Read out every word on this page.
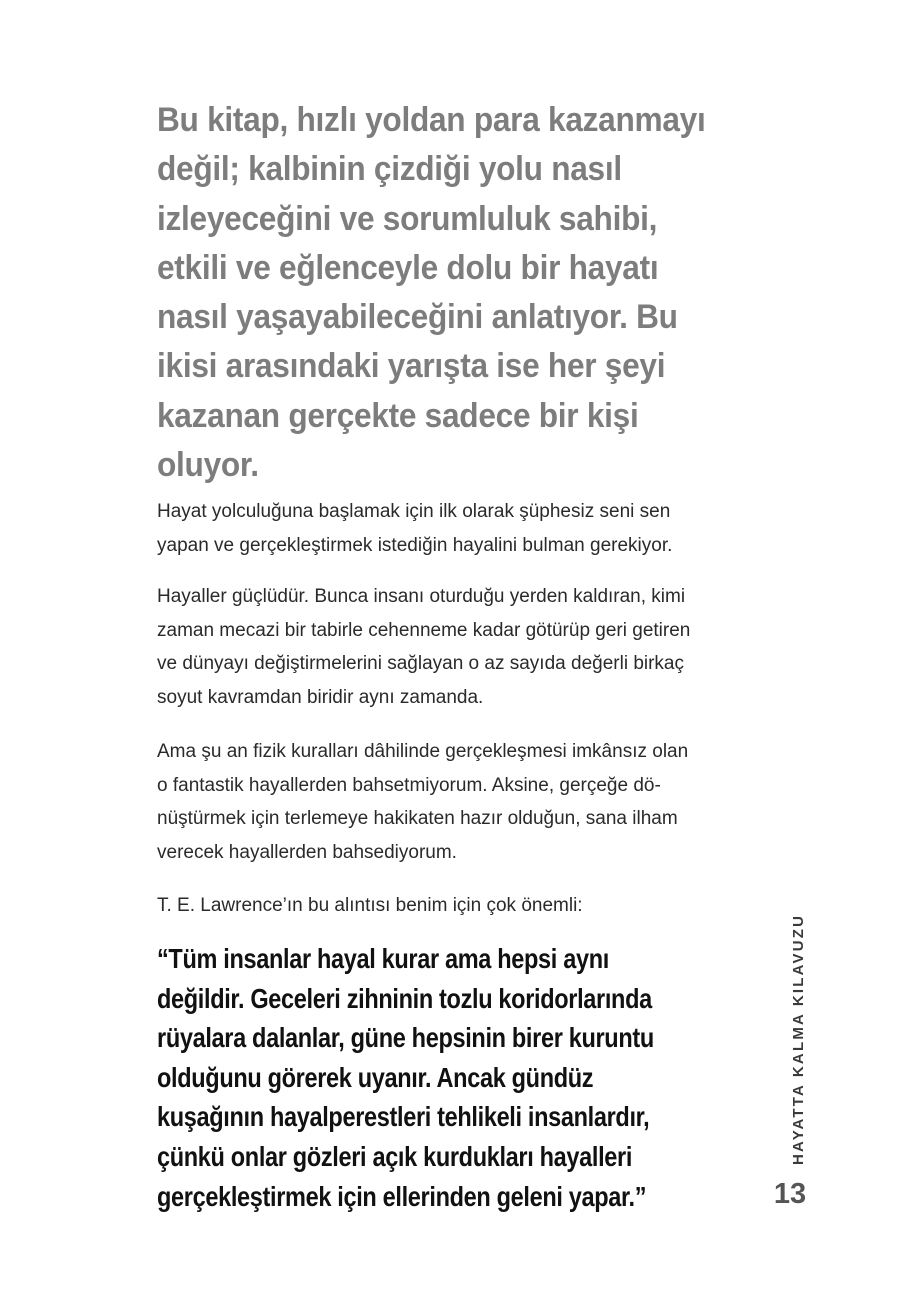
Bu kitap, hızlı yoldan para kazanmayı
değil; kalbinin çizdiği yolu nasıl
izleyeceğini ve sorumluluk sahibi,
etkili ve eğlenceyle dolu bir hayatı
nasıl yaşayabileceğini anlatıyor. Bu
ikisi arasındaki yarışta ise her şeyi
kazanan gerçekte sadece bir kişi
oluyor.

Hayat yolculuğuna başlamak için ilk olarak şüphesiz seni sen
yapan ve gerçekleştirmek istediğin hayalini bulman gerekiyor.

Hayaller güçlüdür. Bunca insanı oturduğu yerden kaldıran, kimi
zaman mecazi bir tabirle cehenneme kadar götürüp geri getiren
ve dünyayı değiştirmelerini sağlayan o az sayıda değerli birkaç
soyut kavramdan biridir aynı zamanda.

Ama şu an fizik kuralları dâhilinde gerçekleşmesi imkânsız olan
o fantastik hayallerden bahsetmiyorum. Aksine, gerçeğe dö-
nüştürmek için terlemeye hakikaten hazır olduğun, sana ilham
verecek hayallerden bahsediyorum.

T. E. Lawrence’ın bu alıntısı benim için çok önemli:

“Tüm insanlar hayal kurar ama hepsi aynı
değildir. Geceleri zihninin tozlu koridorlarında
rüyalara dalanlar, güne hepsinin birer kuruntu
olduğunu görerek uyanır. Ancak gündüz
kuşağının hayalperestleri tehlikeli insanlardır,
çünkü onlar gözleri açık kurdukları hayalleri
gerçekleştirmek için ellerinden geleni yapar.”
HAYATTA KALMA KILAVUZU
13
